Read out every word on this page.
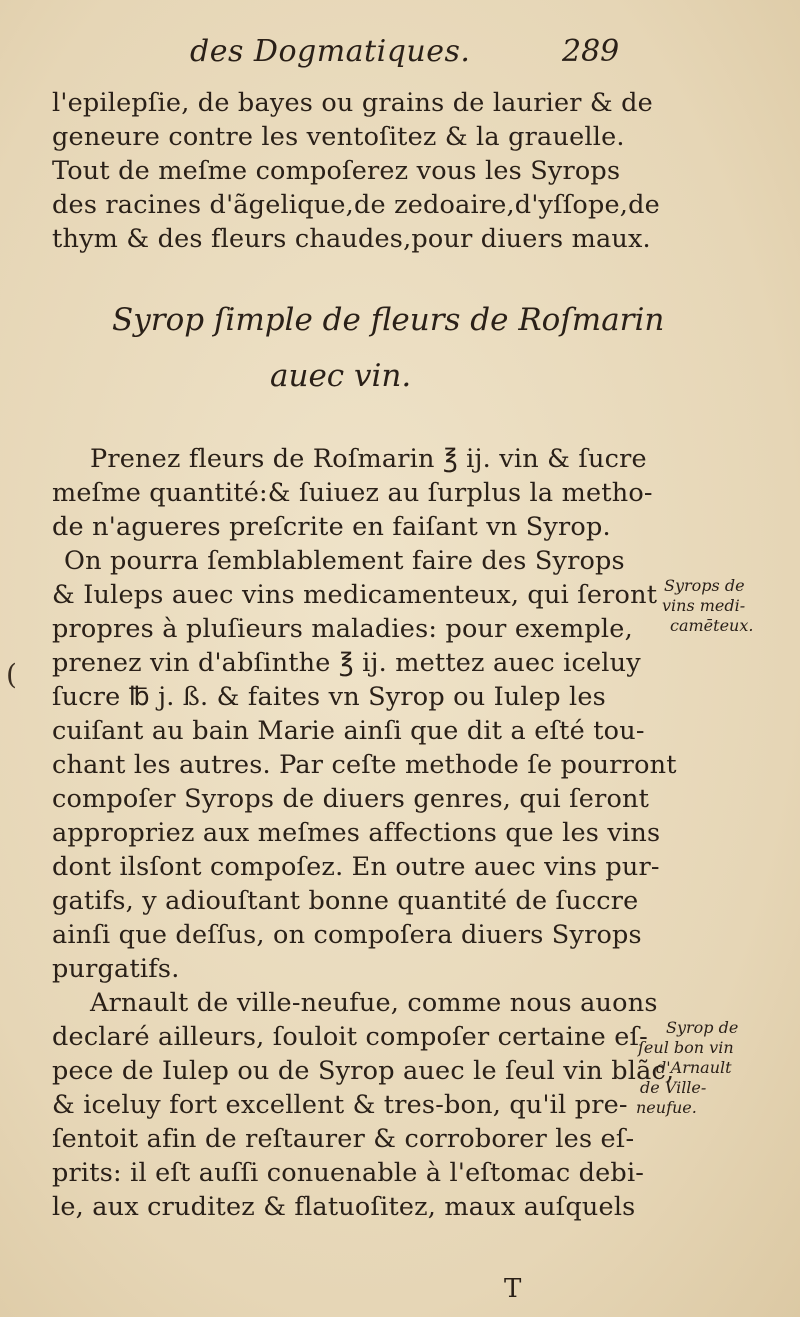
des Dogmatiques.	289
l'epilepſie, de bayes ou grains de laurier & de
geneure contre les ventoſitez & la grauelle.
Tout de meſme compoſerez vous les Syrops
des racines d'ãgelique,de zedoaire,d'yſſope,de
thym & des fleurs chaudes,pour diuers maux.
Syrop ſimple de fleurs de Roſmarin
auec vin.
Prenez fleurs de Roſmarin ℥ ij. vin & ſucre
meſme quantité:& ſuiuez au ſurplus la metho-
de n'agueres preſcrite en faiſant vn Syrop.
On pourra ſemblablement faire des Syrops
& Iuleps auec vins medicamenteux, qui ſeront
propres à pluſieurs maladies: pour exemple,
prenez vin d'abſinthe ℥ ij. mettez auec iceluy
ſucre ℔ j. ß. & faites vn Syrop ou Iulep les
cuiſant au bain Marie ainſi que dit a eſté tou-
chant les autres. Par ceſte methode ſe pourront
compoſer Syrops de diuers genres, qui ſeront
appropriez aux meſmes affections que les vins
dont ilsſont compoſez. En outre auec vins pur-
gatifs, y adiouſtant bonne quantité de ſuccre
ainſi que deſſus, on compoſera diuers Syrops
purgatifs.
Arnault de ville-neufue, comme nous auons
declaré ailleurs, ſouloit compoſer certaine eſ-
pece de Iulep ou de Syrop auec le ſeul vin blãc,
& iceluy fort excellent & tres-bon, qu'il pre-
ſentoit afin de reſtaurer & corroborer les eſ-
prits: il eſt auſſi conuenable à l'eſtomac debi-
le, aux cruditez & flatuoſitez, maux auſquels
Syrops de
vins medi-
camēteux.
Syrop de
ſeul bon vin
d'Arnault
de Ville-
neufue.
(
T
